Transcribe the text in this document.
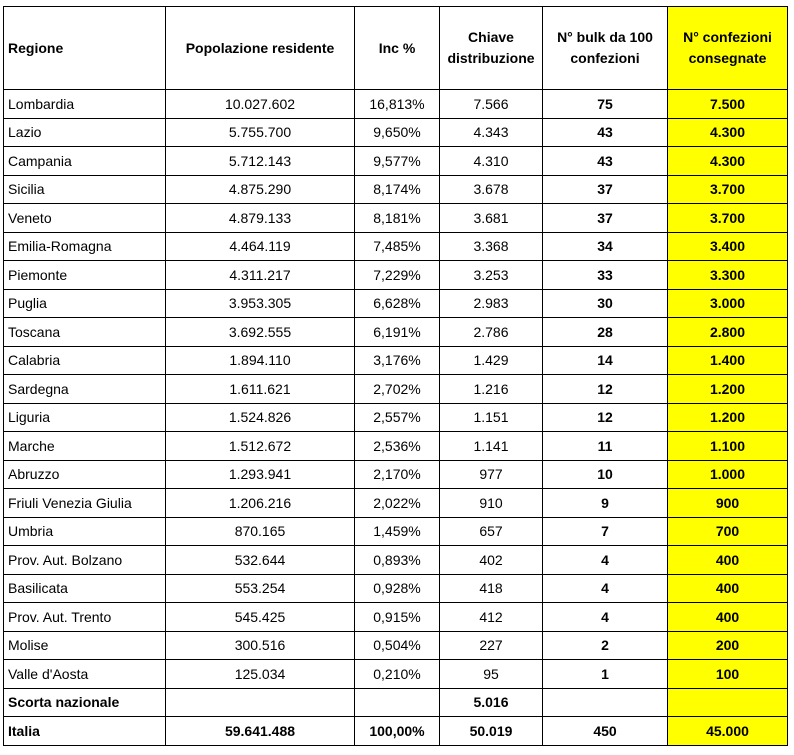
Regione	Popolazione residente	Inc %	Chiave distribuzione	N° bulk da 100 confezioni	N° confezioni consegnate
Lombardia	10.027.602	16,813%	7.566	75	7.500
Lazio	5.755.700	9,650%	4.343	43	4.300
Campania	5.712.143	9,577%	4.310	43	4.300
Sicilia	4.875.290	8,174%	3.678	37	3.700
Veneto	4.879.133	8,181%	3.681	37	3.700
Emilia-Romagna	4.464.119	7,485%	3.368	34	3.400
Piemonte	4.311.217	7,229%	3.253	33	3.300
Puglia	3.953.305	6,628%	2.983	30	3.000
Toscana	3.692.555	6,191%	2.786	28	2.800
Calabria	1.894.110	3,176%	1.429	14	1.400
Sardegna	1.611.621	2,702%	1.216	12	1.200
Liguria	1.524.826	2,557%	1.151	12	1.200
Marche	1.512.672	2,536%	1.141	11	1.100
Abruzzo	1.293.941	2,170%	977	10	1.000
Friuli Venezia Giulia	1.206.216	2,022%	910	9	900
Umbria	870.165	1,459%	657	7	700
Prov. Aut. Bolzano	532.644	0,893%	402	4	400
Basilicata	553.254	0,928%	418	4	400
Prov. Aut. Trento	545.425	0,915%	412	4	400
Molise	300.516	0,504%	227	2	200
Valle d'Aosta	125.034	0,210%	95	1	100
Scorta nazionale			5.016		
Italia	59.641.488	100,00%	50.019	450	45.000
